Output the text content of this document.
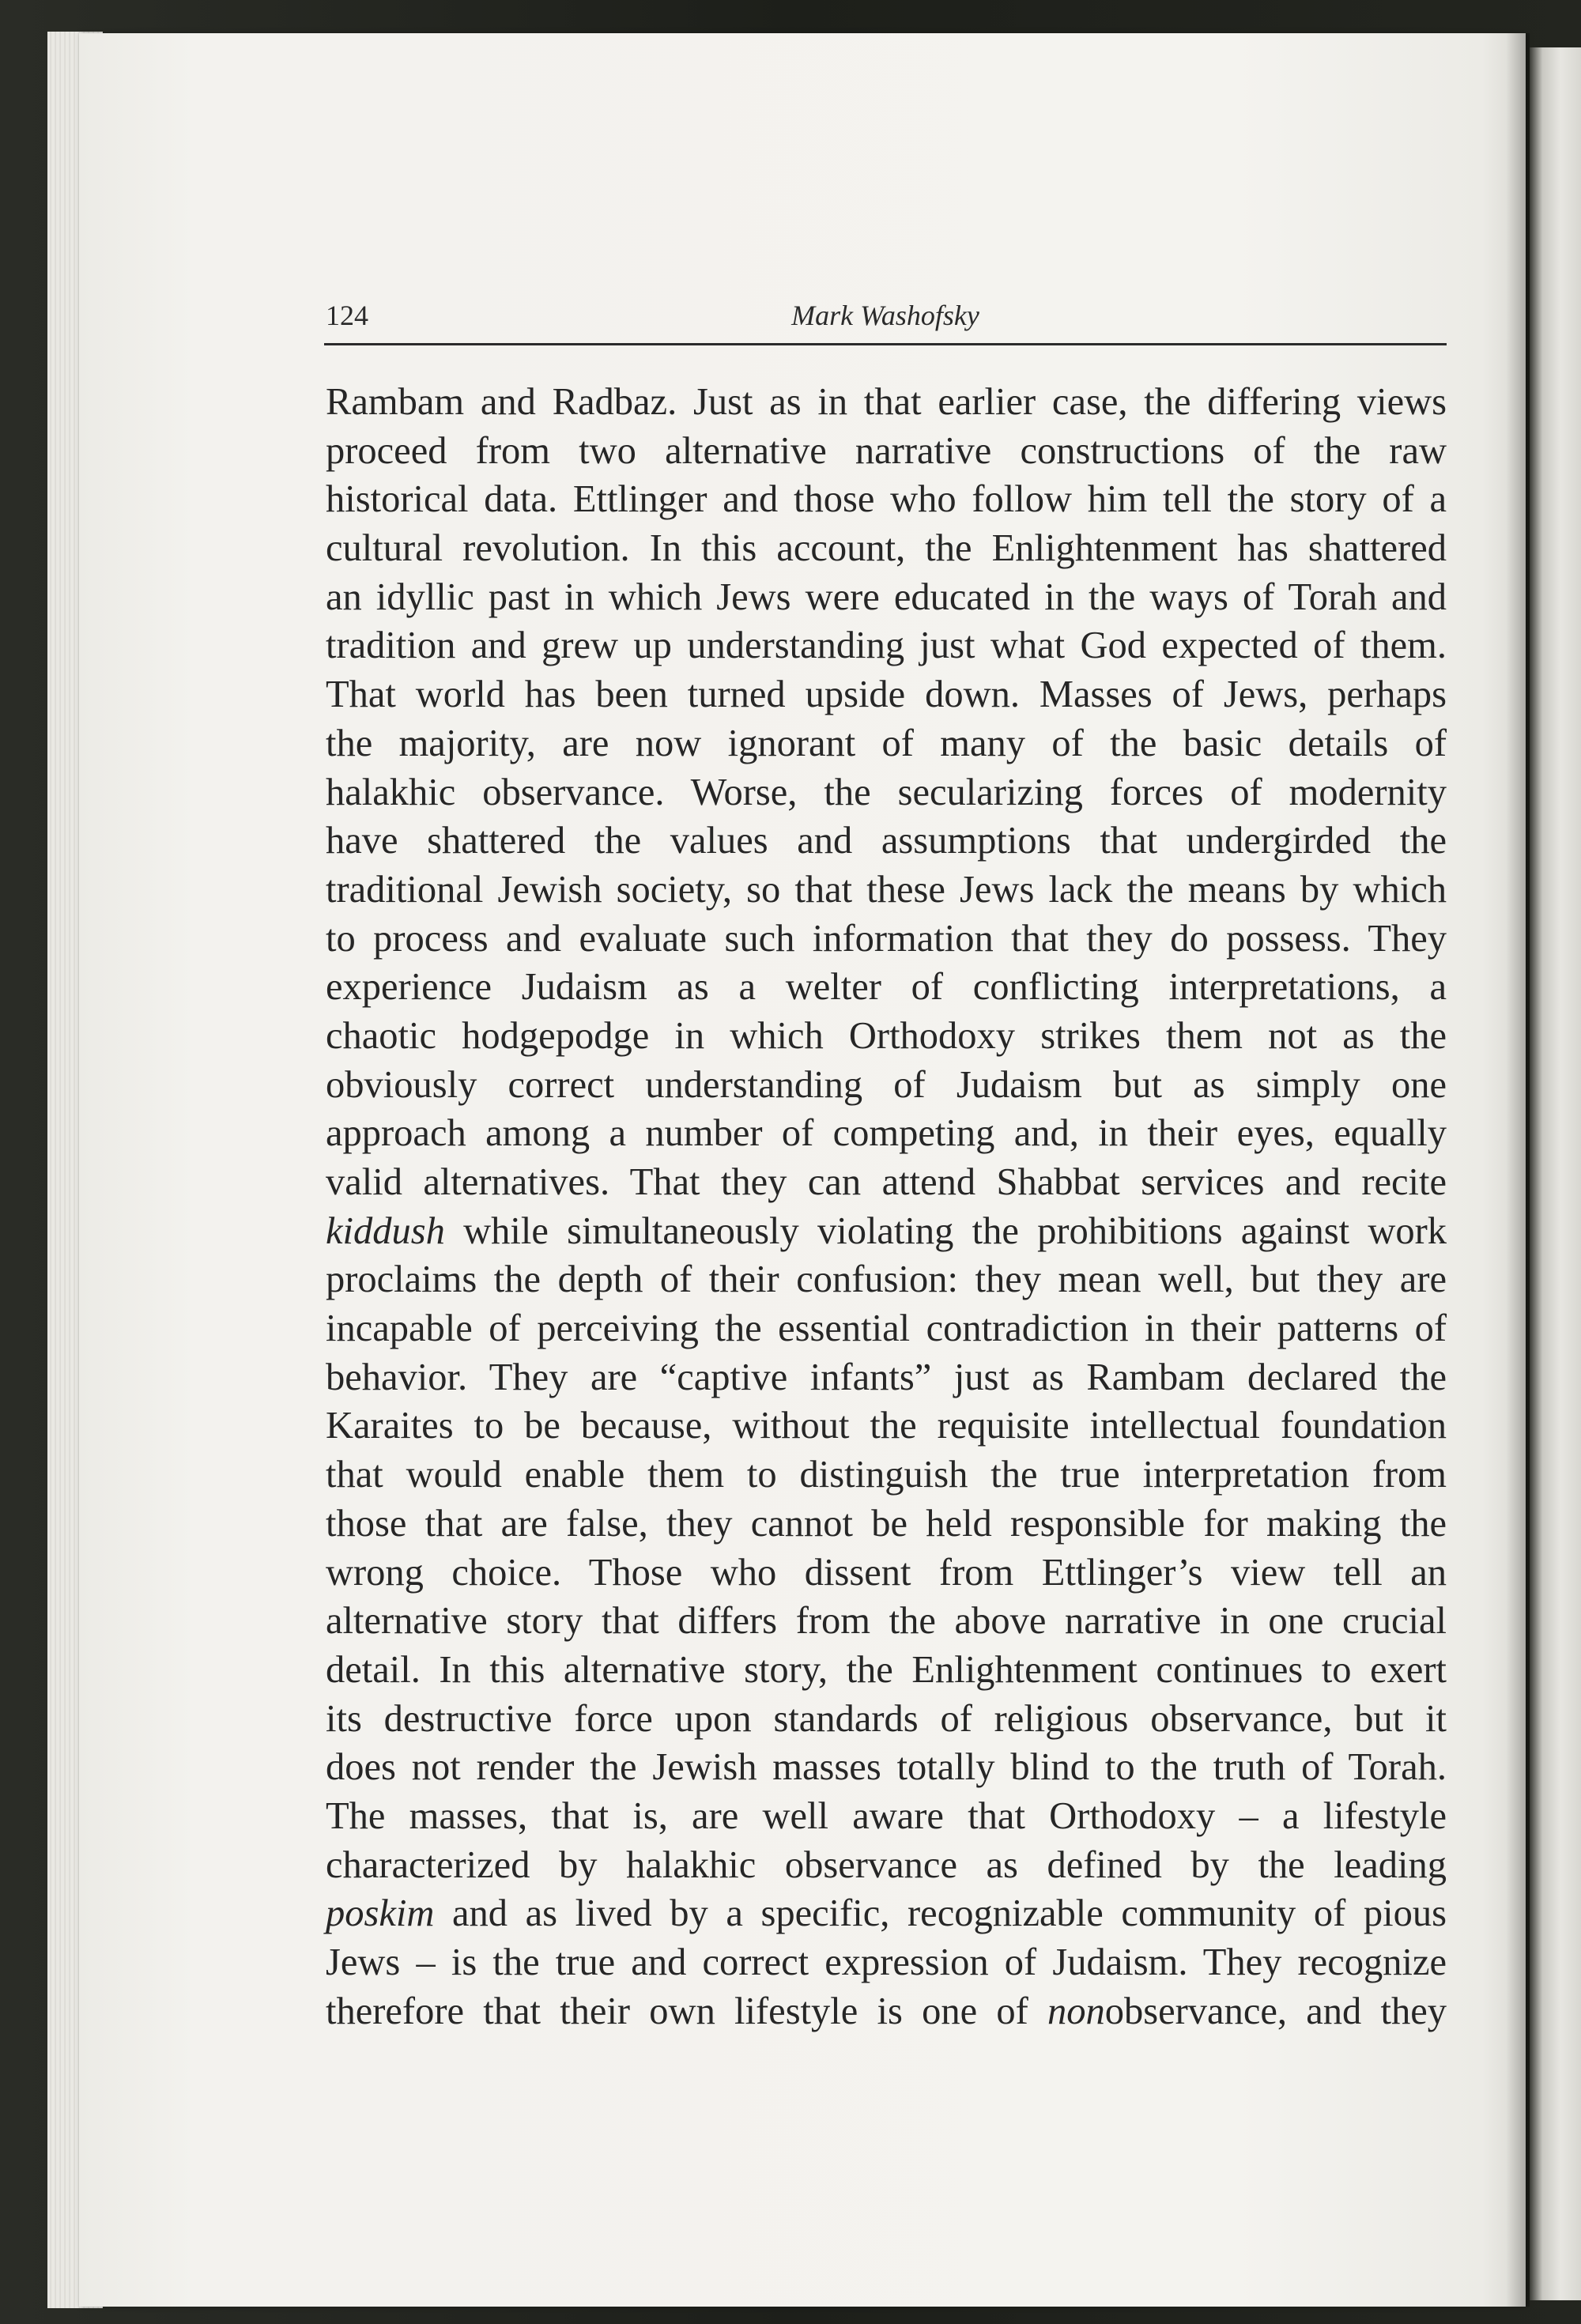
124	Mark Washofsky
Rambam and Radbaz. Just as in that earlier case, the differing views
proceed from two alternative narrative constructions of the raw
historical data. Ettlinger and those who follow him tell the story of a
cultural revolution. In this account, the Enlightenment has shattered
an idyllic past in which Jews were educated in the ways of Torah and
tradition and grew up understanding just what God expected of them.
That world has been turned upside down. Masses of Jews, perhaps
the majority, are now ignorant of many of the basic details of
halakhic observance. Worse, the secularizing forces of modernity
have shattered the values and assumptions that undergirded the
traditional Jewish society, so that these Jews lack the means by which
to process and evaluate such information that they do possess. They
experience Judaism as a welter of conflicting interpretations, a
chaotic hodgepodge in which Orthodoxy strikes them not as the
obviously correct understanding of Judaism but as simply one
approach among a number of competing and, in their eyes, equally
valid alternatives. That they can attend Shabbat services and recite
kiddush while simultaneously violating the prohibitions against work
proclaims the depth of their confusion: they mean well, but they are
incapable of perceiving the essential contradiction in their patterns of
behavior. They are “captive infants” just as Rambam declared the
Karaites to be because, without the requisite intellectual foundation
that would enable them to distinguish the true interpretation from
those that are false, they cannot be held responsible for making the
wrong choice. Those who dissent from Ettlinger’s view tell an
alternative story that differs from the above narrative in one crucial
detail. In this alternative story, the Enlightenment continues to exert
its destructive force upon standards of religious observance, but it
does not render the Jewish masses totally blind to the truth of Torah.
The masses, that is, are well aware that Orthodoxy – a lifestyle
characterized by halakhic observance as defined by the leading
poskim and as lived by a specific, recognizable community of pious
Jews – is the true and correct expression of Judaism. They recognize
therefore that their own lifestyle is one of nonobservance, and they
